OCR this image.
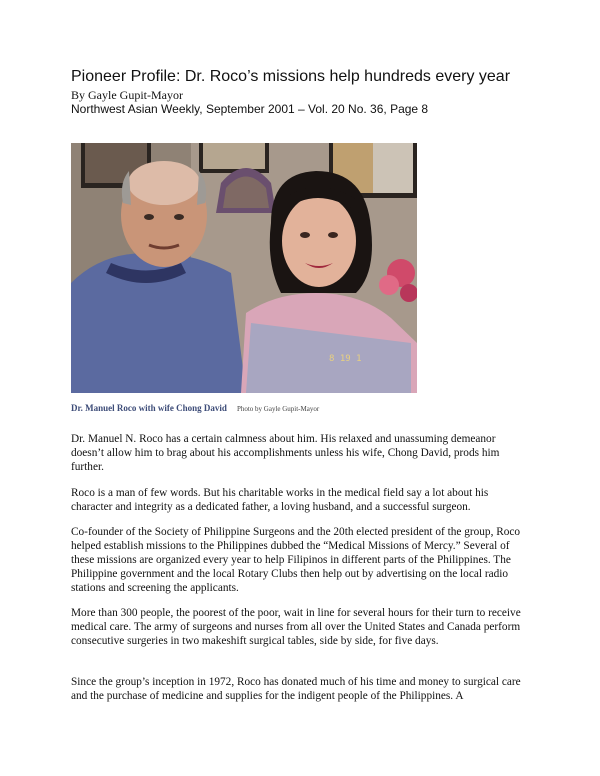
Pioneer Profile: Dr. Roco’s missions help hundreds every year
By Gayle Gupit-Mayor
Northwest Asian Weekly, September 2001 – Vol. 20 No. 36, Page 8
8 19 1
Dr. Manuel Roco with wife Chong David Photo by Gayle Gupit-Mayor

Dr. Manuel N. Roco has a certain calmness about him. His relaxed and unassuming demeanor doesn’t allow him to brag about his accomplishments unless his wife, Chong David, prods him further.

Roco is a man of few words. But his charitable works in the medical field say a lot about his character and integrity as a dedicated father, a loving husband, and a successful surgeon.

Co-founder of the Society of Philippine Surgeons and the 20th elected president of the group, Roco helped establish missions to the Philippines dubbed the “Medical Missions of Mercy.” Several of these missions are organized every year to help Filipinos in different parts of the Philippines. The Philippine government and the local Rotary Clubs then help out by advertising on the local radio stations and screening the applicants.

More than 300 people, the poorest of the poor, wait in line for several hours for their turn to receive medical care. The army of surgeons and nurses from all over the United States and Canada perform consecutive surgeries in two makeshift surgical tables, side by side, for five days.

Since the group’s inception in 1972, Roco has donated much of his time and money to surgical care and the purchase of medicine and supplies for the indigent people of the Philippines. A
